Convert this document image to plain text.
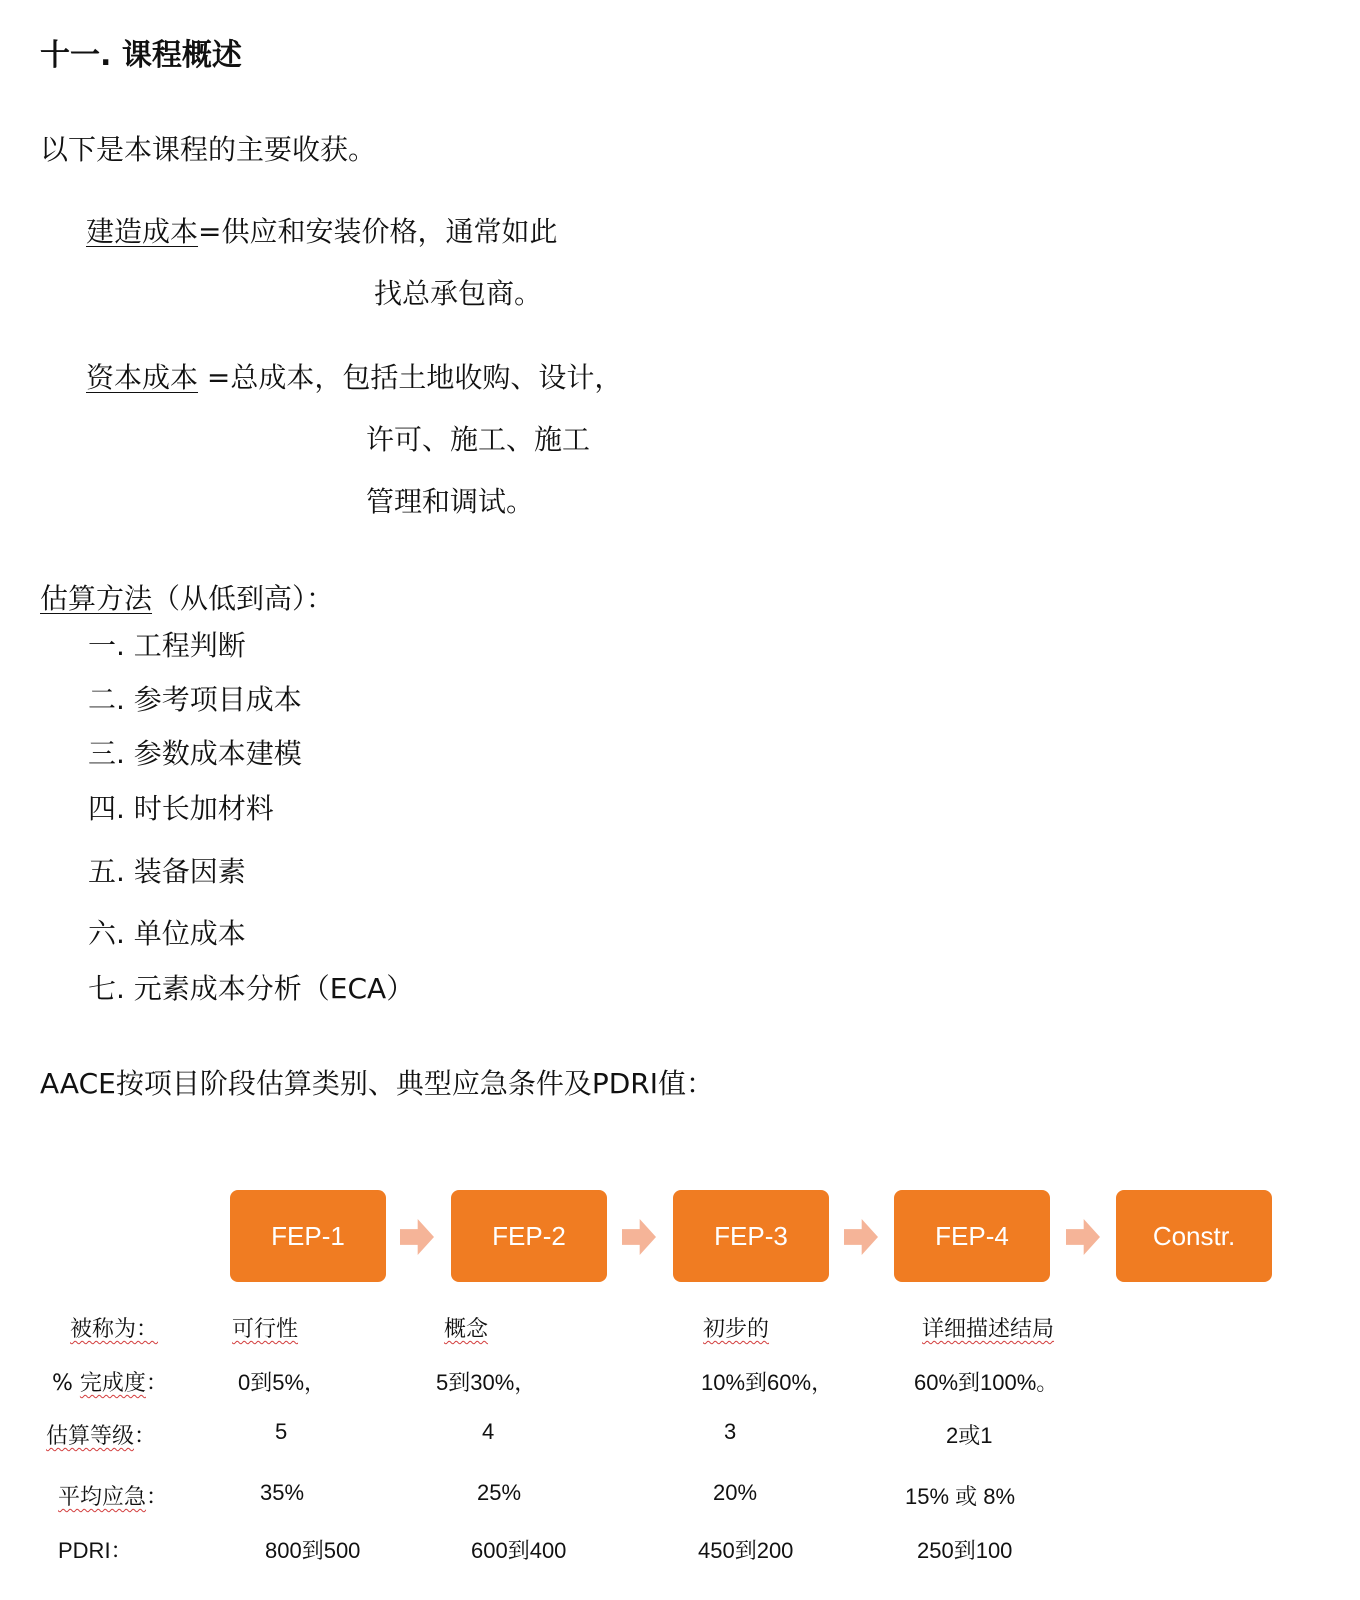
十一. 课程概述
以下是本课程的主要收获。
建造成本=供应和安装价格，通常如此
找总承包商。
资本成本 =总成本，包括土地收购、设计，
许可、施工、施工
管理和调试。
估算方法（从低到高）：
一. 工程判断
二. 参考项目成本
三. 参数成本建模
四. 时长加材料
五. 装备因素
六. 单位成本
七. 元素成本分析（ECA）
AACE按项目阶段估算类别、典型应急条件及PDRI值：
FEP-1	FEP-2	FEP-3	FEP-4	Constr.
被称为：	可行性	概念	初步的	详细描述结局
% 完成度：	0到5%，	5到30%，	10%到60%，	60%到100%。
估算等级：	5	4	3	2或1
平均应急：	35%	25%	20%	15% 或 8%
PDRI：	800到500	600到400	450到200	250到100
